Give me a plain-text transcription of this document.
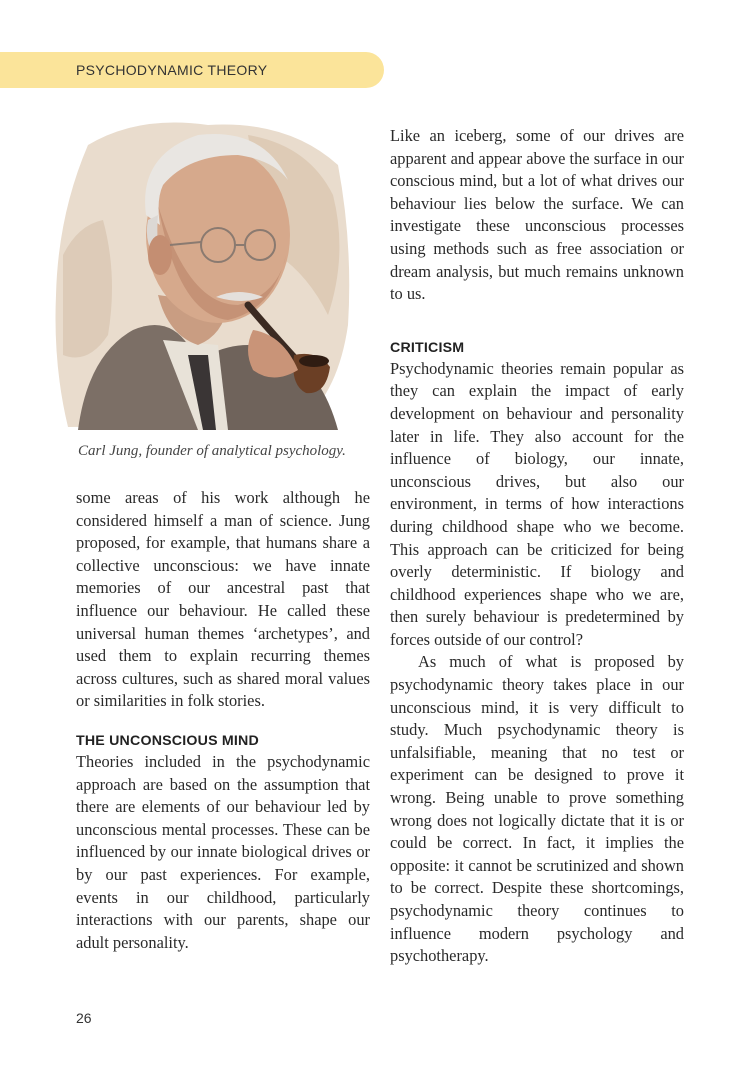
PSYCHODYNAMIC THEORY
Carl Jung, founder of analytical psychology.

some areas of his work although he considered himself a man of science. Jung proposed, for example, that humans share a collective unconscious: we have innate memories of our ancestral past that influence our behaviour. He called these universal human themes ‘archetypes’, and used them to explain recurring themes across cultures, such as shared moral values or similarities in folk stories.

THE UNCONSCIOUS MIND

Theories included in the psychodynamic approach are based on the assumption that there are elements of our behaviour led by unconscious mental processes. These can be influenced by our innate biological drives or by our past experiences. For example, events in our childhood, particularly interactions with our parents, shape our adult personality.

Like an iceberg, some of our drives are apparent and appear above the surface in our conscious mind, but a lot of what drives our behaviour lies below the surface. We can investigate these unconscious processes using methods such as free association or dream analysis, but much remains unknown to us.

CRITICISM

Psychodynamic theories remain popular as they can explain the impact of early development on behaviour and personality later in life. They also account for the influence of biology, our innate, unconscious drives, but also our environment, in terms of how interactions during childhood shape who we become. This approach can be criticized for being overly deterministic. If biology and childhood experiences shape who we are, then surely behaviour is predetermined by forces outside of our control?

As much of what is proposed by psychodynamic theory takes place in our unconscious mind, it is very difficult to study. Much psychodynamic theory is unfalsifiable, meaning that no test or experiment can be designed to prove it wrong. Being unable to prove something wrong does not logically dictate that it is or could be correct. In fact, it implies the opposite: it cannot be scrutinized and shown to be correct. Despite these shortcomings, psychodynamic theory continues to influence modern psychology and psychotherapy.

26
